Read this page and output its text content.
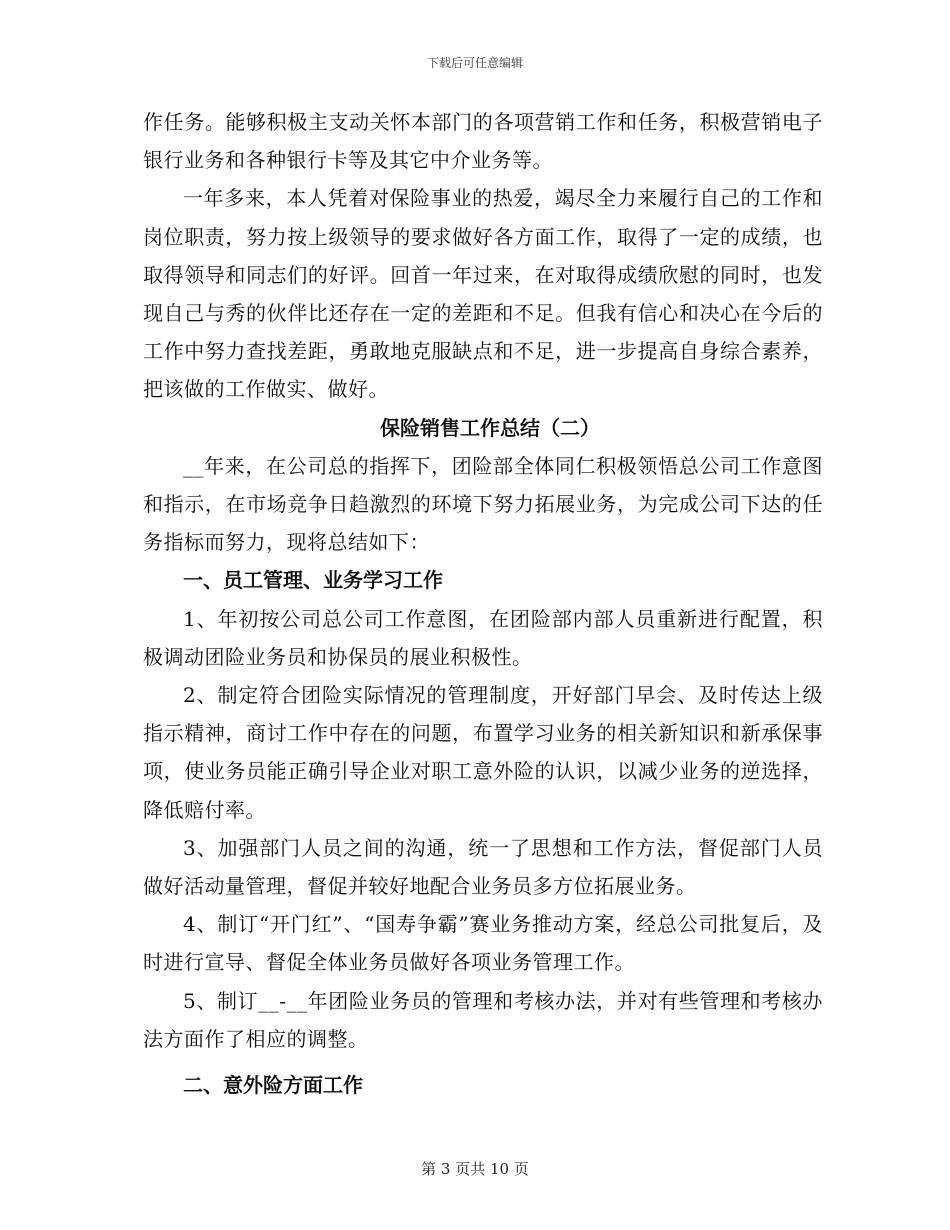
下载后可任意编辑

作任务。能够积极主支动关怀本部门的各项营销工作和任务，积极营销电子银行业务和各种银行卡等及其它中介业务等。

一年多来，本人凭着对保险事业的热爱，竭尽全力来履行自己的工作和岗位职责，努力按上级领导的要求做好各方面工作，取得了一定的成绩，也取得领导和同志们的好评。回首一年过来，在对取得成绩欣慰的同时，也发现自己与秀的伙伴比还存在一定的差距和不足。但我有信心和决心在今后的工作中努力查找差距，勇敢地克服缺点和不足，进一步提高自身综合素养，把该做的工作做实、做好。

保险销售工作总结（二）

__年来，在公司总的指挥下，团险部全体同仁积极领悟总公司工作意图和指示，在市场竞争日趋激烈的环境下努力拓展业务，为完成公司下达的任务指标而努力，现将总结如下：

一、员工管理、业务学习工作

1、年初按公司总公司工作意图，在团险部内部人员重新进行配置，积极调动团险业务员和协保员的展业积极性。

2、制定符合团险实际情况的管理制度，开好部门早会、及时传达上级指示精神，商讨工作中存在的问题，布置学习业务的相关新知识和新承保事项，使业务员能正确引导企业对职工意外险的认识，以减少业务的逆选择，降低赔付率。

3、加强部门人员之间的沟通，统一了思想和工作方法，督促部门人员做好活动量管理，督促并较好地配合业务员多方位拓展业务。

4、制订“开门红”、“国寿争霸”赛业务推动方案，经总公司批复后，及时进行宣导、督促全体业务员做好各项业务管理工作。

5、制订__-__年团险业务员的管理和考核办法，并对有些管理和考核办法方面作了相应的调整。

二、意外险方面工作

第 3 页共 10 页
